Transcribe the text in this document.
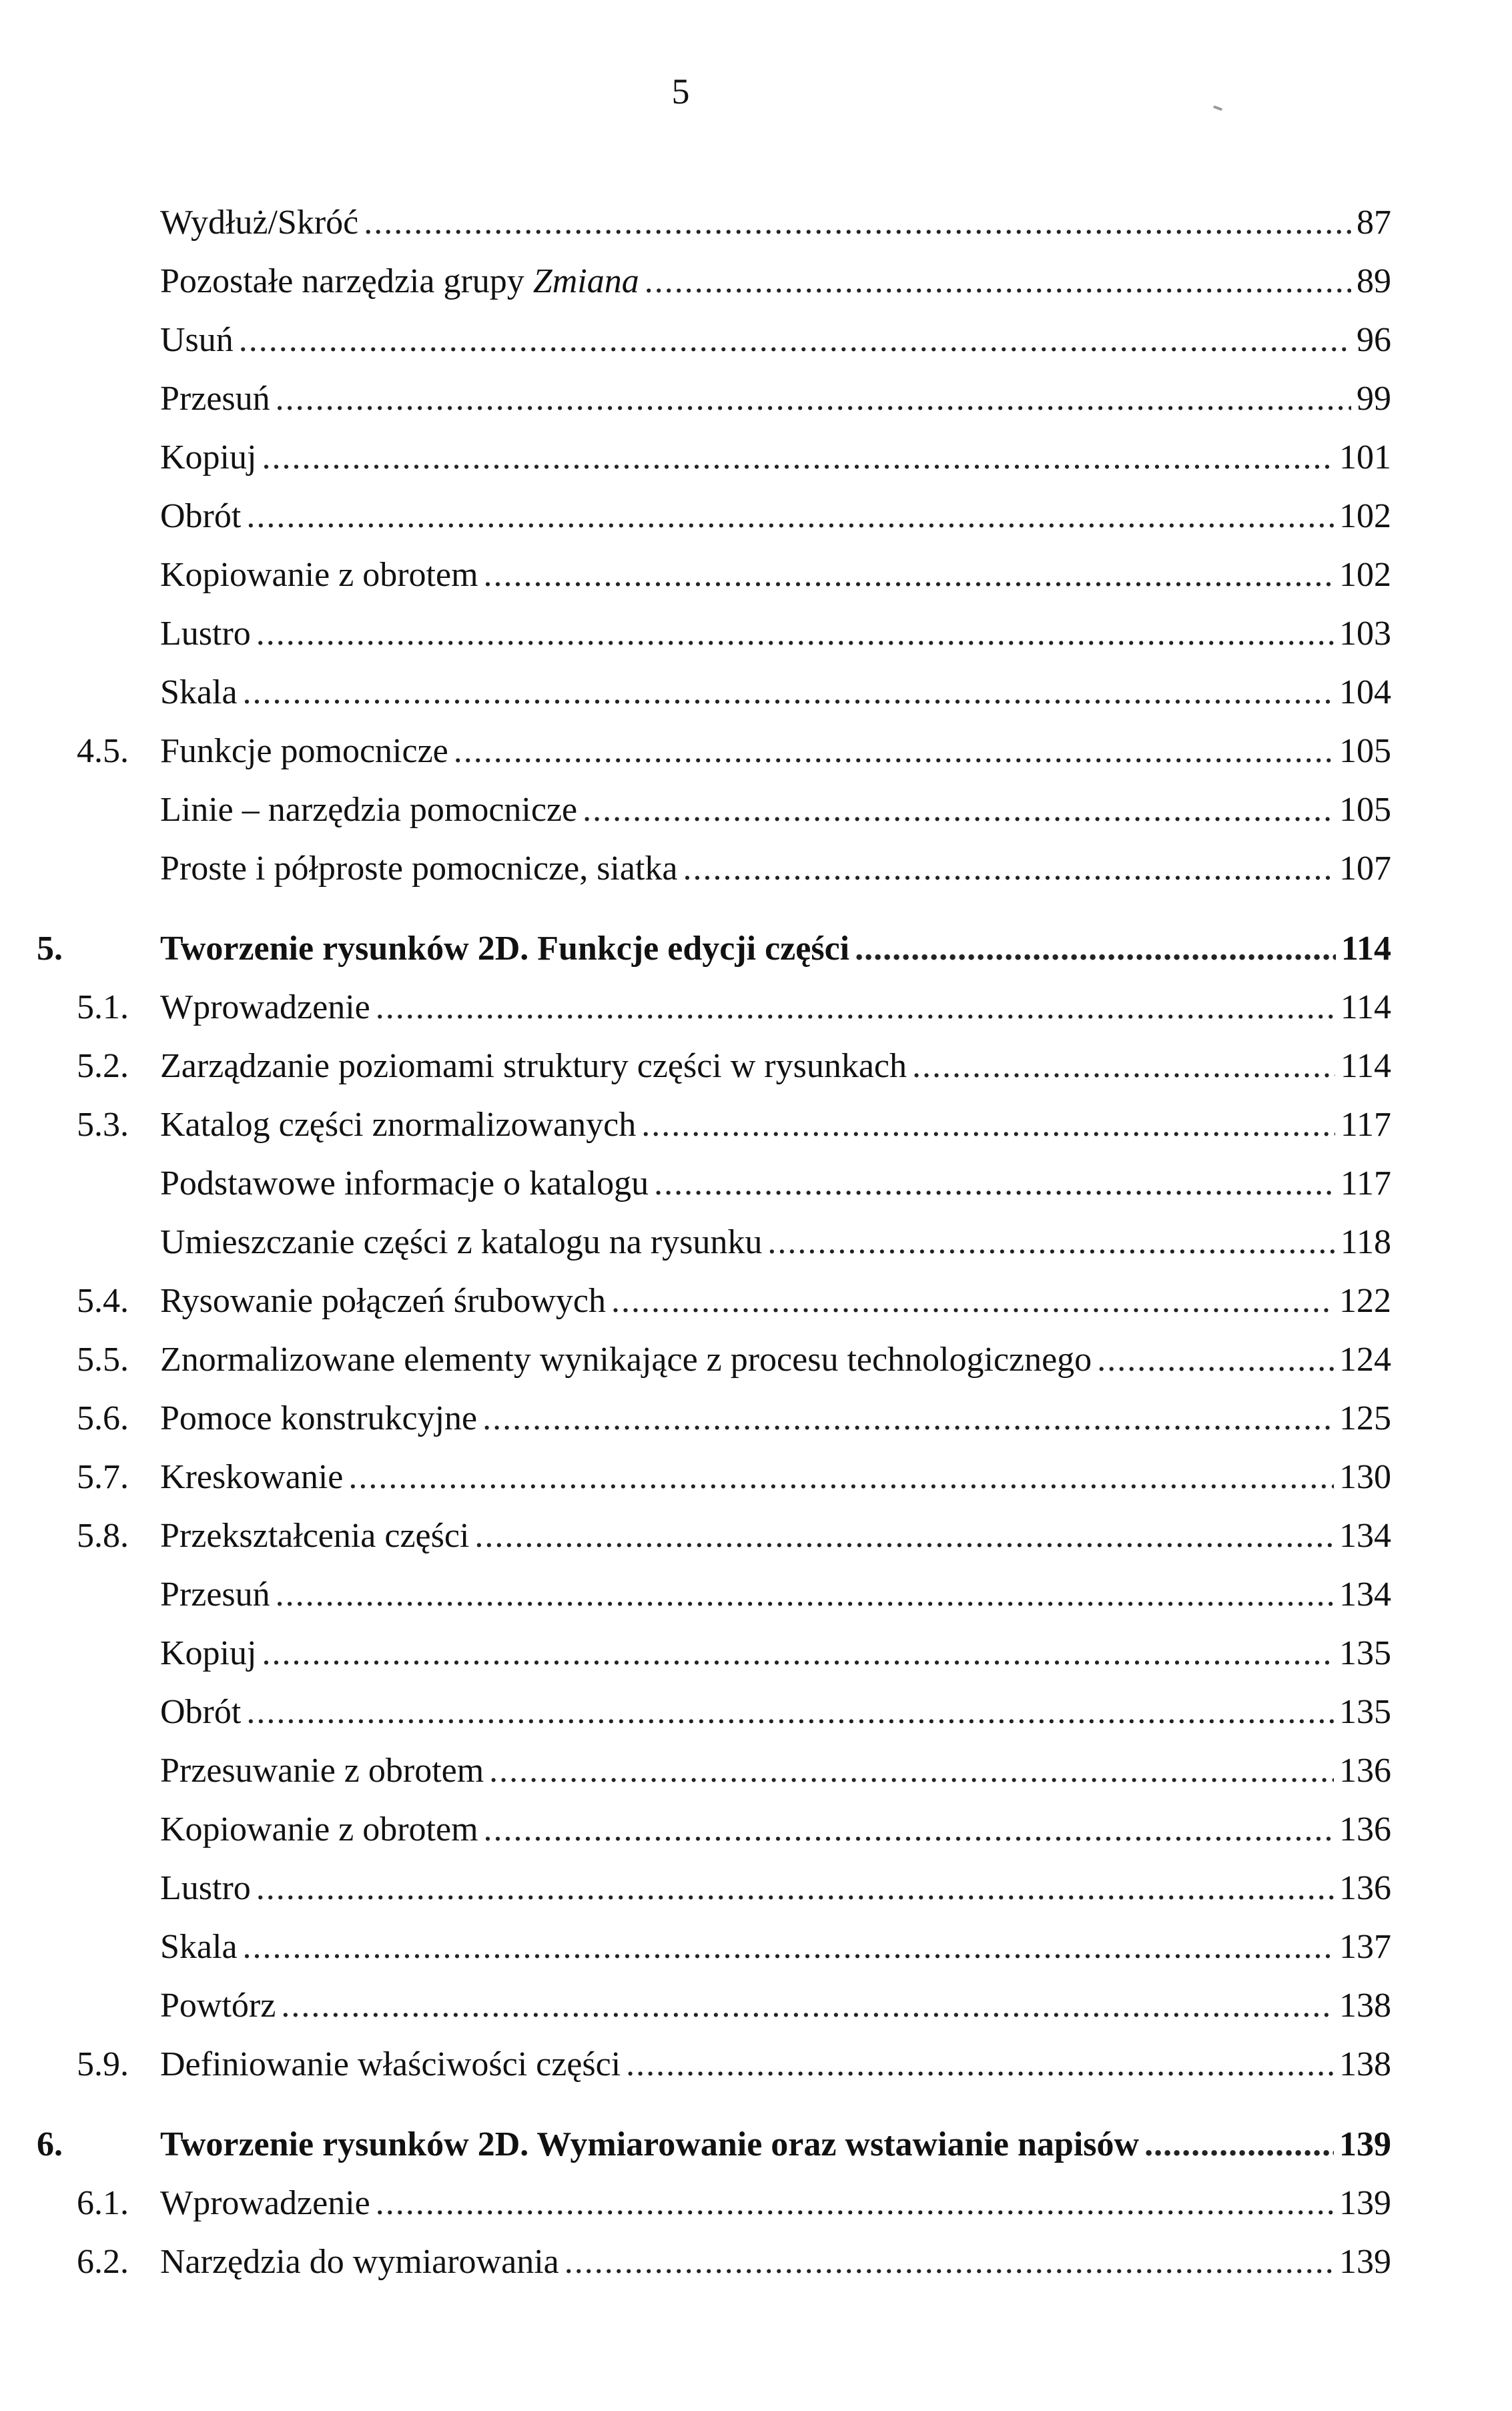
5
Wydłuż/Skróć .....	87
Pozostałe narzędzia grupy Zmiana .....	89
Usuń .....	96
Przesuń .....	99
Kopiuj .....	101
Obrót .....	102
Kopiowanie z obrotem .....	102
Lustro .....	103
Skala .....	104
4.5. Funkcje pomocnicze .....	105
Linie – narzędzia pomocnicze .....	105
Proste i półproste pomocnicze, siatka .....	107
5.	Tworzenie rysunków 2D. Funkcje edycji części .....	114
5.1. Wprowadzenie .....	114
5.2. Zarządzanie poziomami struktury części w rysunkach .....	114
5.3. Katalog części znormalizowanych .....	117
Podstawowe informacje o katalogu .....	117
Umieszczanie części z katalogu na rysunku .....	118
5.4. Rysowanie połączeń śrubowych .....	122
5.5. Znormalizowane elementy wynikające z procesu technologicznego .....	124
5.6. Pomoce konstrukcyjne .....	125
5.7. Kreskowanie .....	130
5.8. Przekształcenia części .....	134
Przesuń .....	134
Kopiuj .....	135
Obrót .....	135
Przesuwanie z obrotem .....	136
Kopiowanie z obrotem .....	136
Lustro .....	136
Skala .....	137
Powtórz .....	138
5.9. Definiowanie właściwości części .....	138
6.	Tworzenie rysunków 2D. Wymiarowanie oraz wstawianie napisów .....	139
6.1. Wprowadzenie .....	139
6.2. Narzędzia do wymiarowania .....	139
